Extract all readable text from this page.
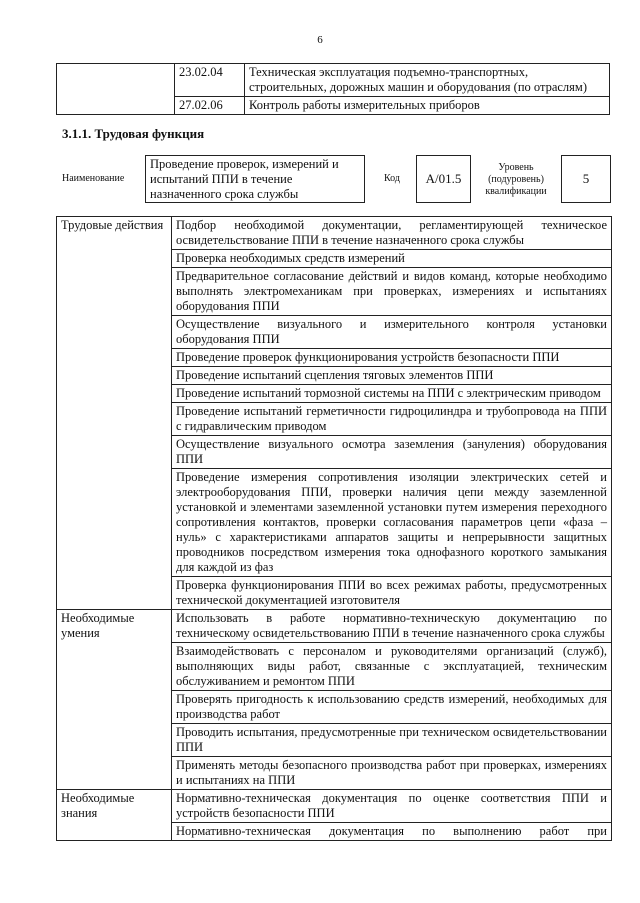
6
	23.02.04	Техническая эксплуатация подъемно-транспортных, строительных, дорожных машин и оборудования (по отраслям)
	27.02.06	Контроль работы измерительных приборов
3.1.1. Трудовая функция
Наименование
Проведение проверок, измерений и испытаний ППИ в течение назначенного срока службы
Код	А/01.5
Уровень (подуровень) квалификации
5
Трудовые действия	Подбор необходимой документации, регламентирующей техническое освидетельствование ППИ в течение назначенного срока службы
	Проверка необходимых средств измерений
	Предварительное согласование действий и видов команд, которые необходимо выполнять электромеханикам при проверках, измерениях и испытаниях оборудования ППИ
	Осуществление визуального и измерительного контроля установки оборудования ППИ
	Проведение проверок функционирования устройств безопасности ППИ
	Проведение испытаний сцепления тяговых элементов ППИ
	Проведение испытаний тормозной системы на ППИ с электрическим приводом
	Проведение испытаний герметичности гидроцилиндра и трубопровода на ППИ с гидравлическим приводом
	Осуществление визуального осмотра заземления (зануления) оборудования ППИ
	Проведение измерения сопротивления изоляции электрических сетей и электрооборудования ППИ, проверки наличия цепи между заземленной установкой и элементами заземленной установки путем измерения переходного сопротивления контактов, проверки согласования параметров цепи «фаза – нуль» с характеристиками аппаратов защиты и непрерывности защитных проводников посредством измерения тока однофазного короткого замыкания для каждой из фаз
	Проверка функционирования ППИ во всех режимах работы, предусмотренных технической документацией изготовителя
Необходимые умения	Использовать в работе нормативно-техническую документацию по техническому освидетельствованию ППИ в течение назначенного срока службы
	Взаимодействовать с персоналом и руководителями организаций (служб), выполняющих виды работ, связанные с эксплуатацией, техническим обслуживанием и ремонтом ППИ
	Проверять пригодность к использованию средств измерений, необходимых для производства работ
	Проводить испытания, предусмотренные при техническом освидетельствовании ППИ
	Применять методы безопасного производства работ при проверках, измерениях и испытаниях на ППИ
Необходимые знания	Нормативно-техническая документация по оценке соответствия ППИ и устройств безопасности ППИ
	Нормативно-техническая документация по выполнению работ при
